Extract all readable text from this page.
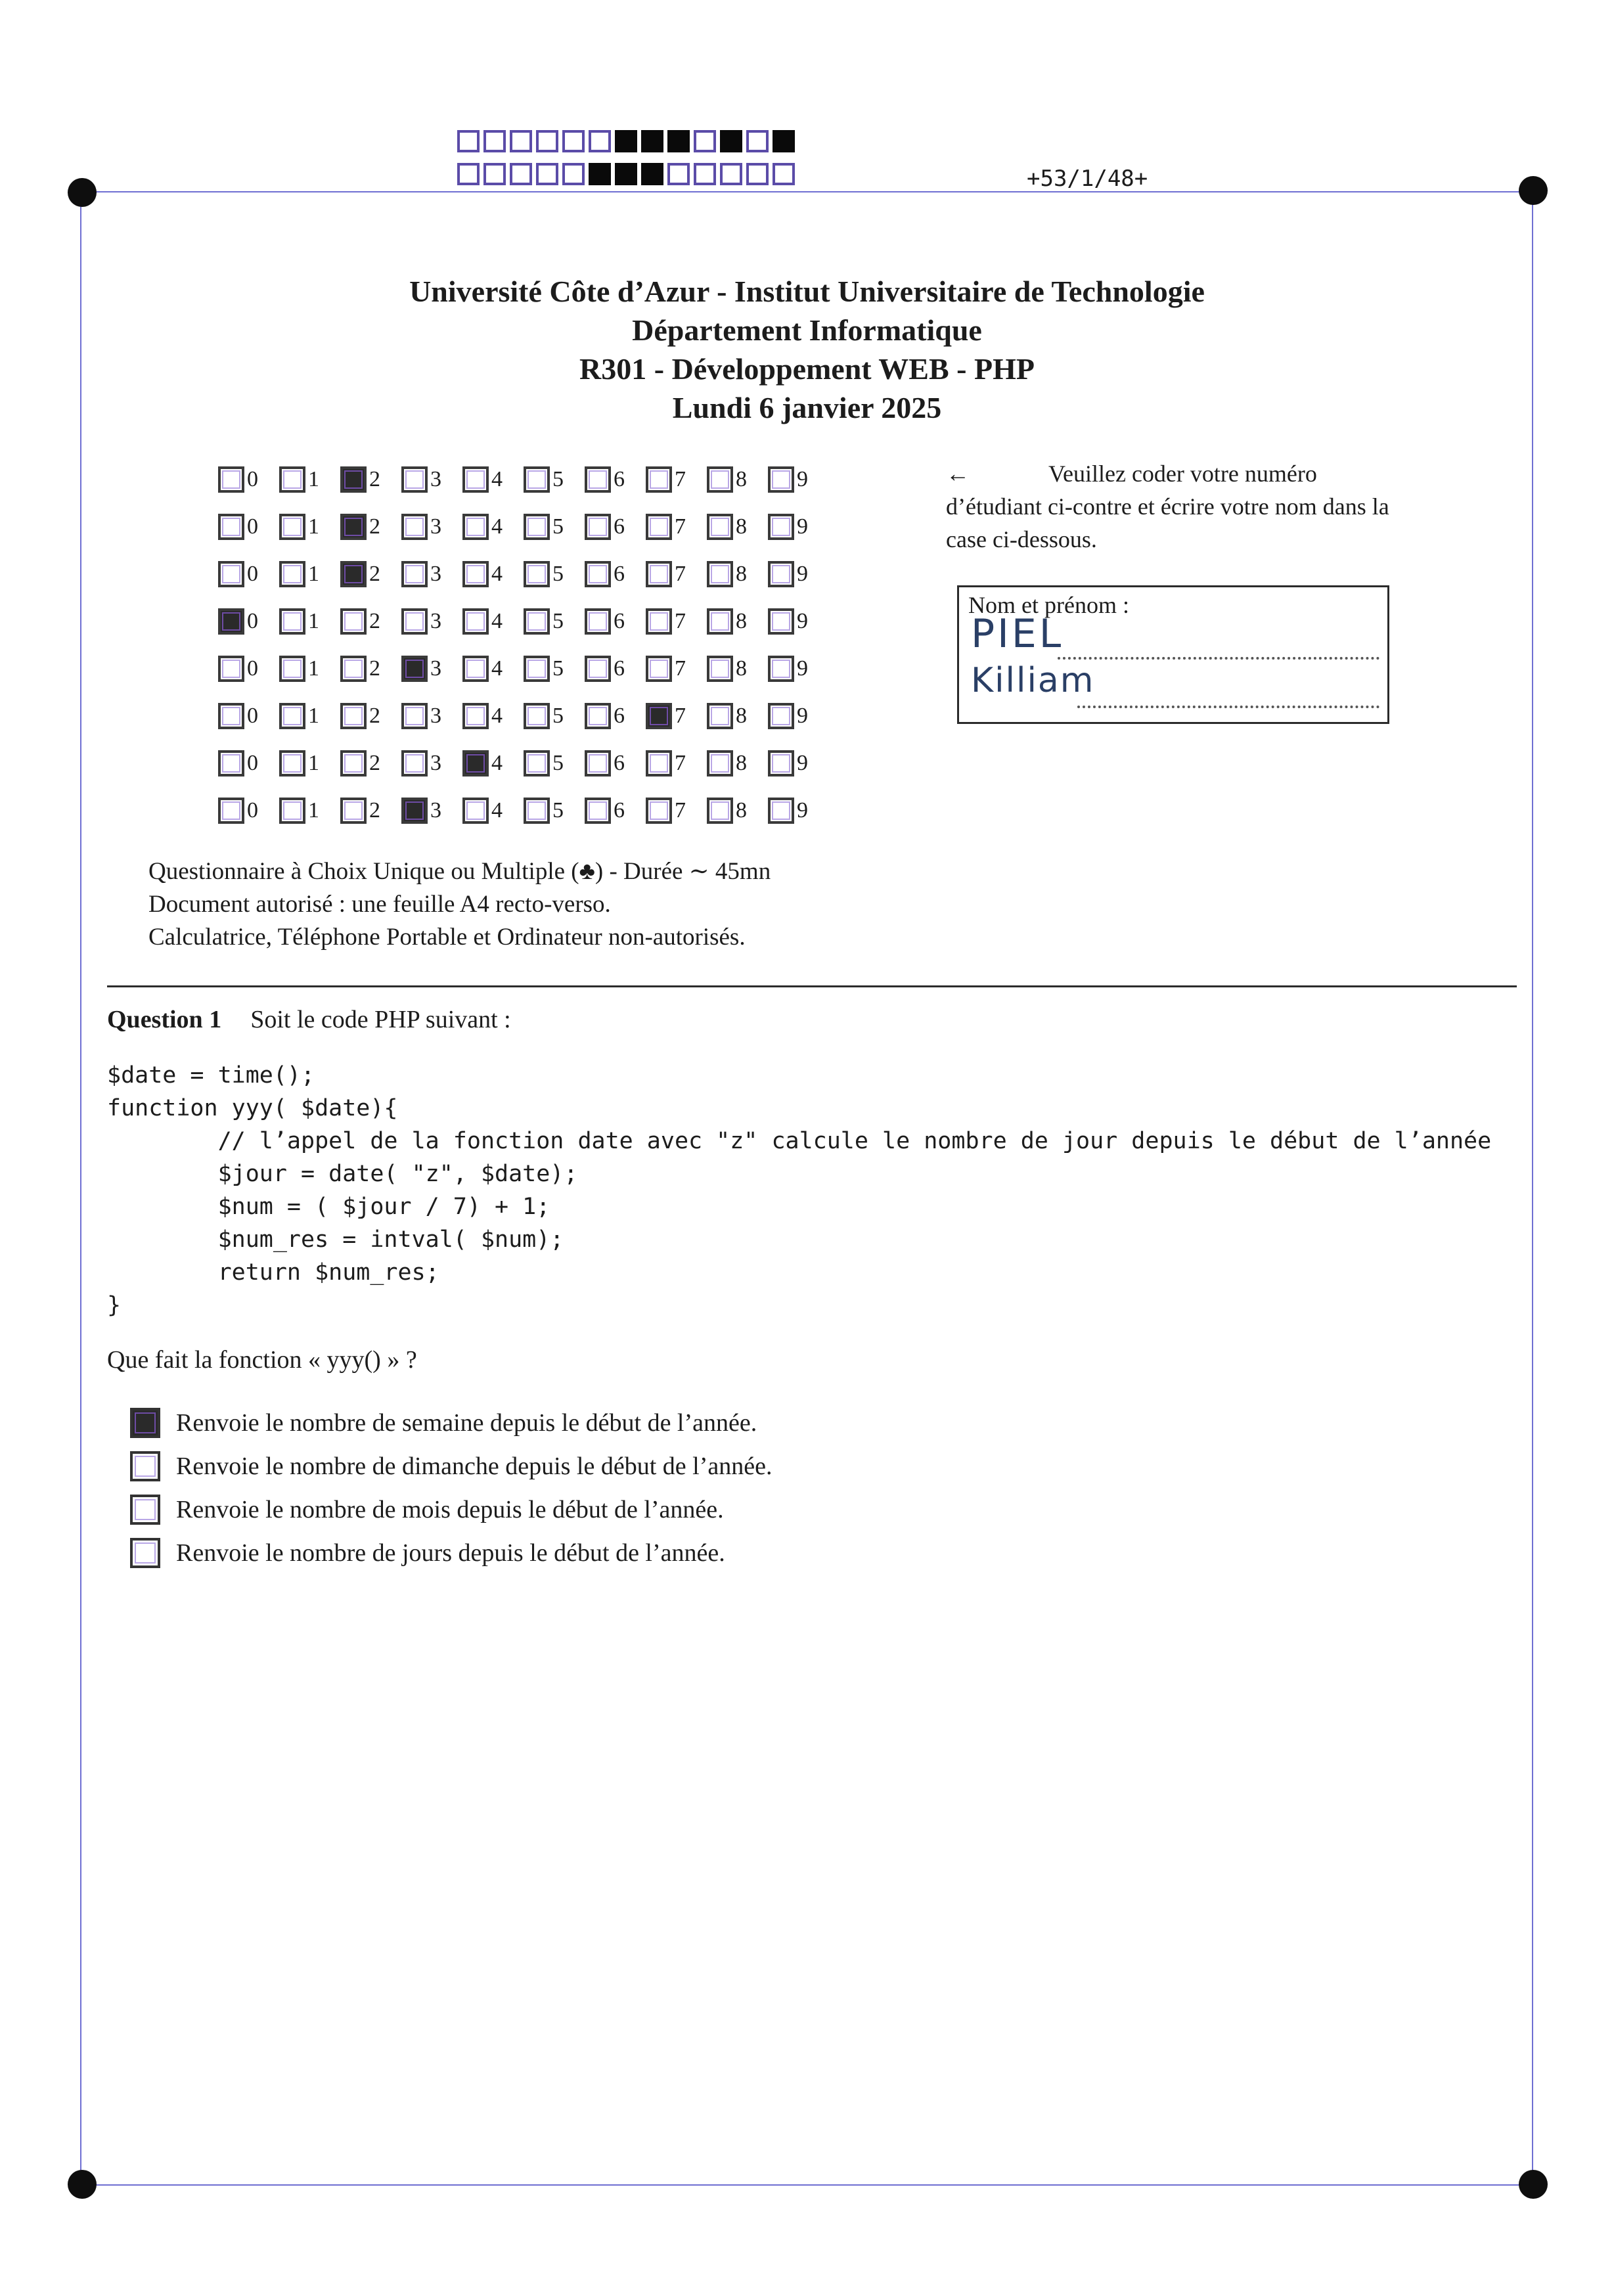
+53/1/48+
Université Côte d’Azur - Institut Universitaire de Technologie
Département Informatique
R301 - Développement WEB - PHP
Lundi 6 janvier 2025
0 1 2 3 4 5 6 7 8 9
0 1 2 3 4 5 6 7 8 9
0 1 2 3 4 5 6 7 8 9
0 1 2 3 4 5 6 7 8 9
0 1 2 3 4 5 6 7 8 9
0 1 2 3 4 5 6 7 8 9
0 1 2 3 4 5 6 7 8 9
0 1 2 3 4 5 6 7 8 9
←	Veuillez coder votre numéro d’étudiant ci-contre et écrire votre nom dans la case ci-dessous.
Nom et prénom :
PIEL
Killiam
Questionnaire à Choix Unique ou Multiple (♣) - Durée ∼ 45mn
Document autorisé : une feuille A4 recto-verso.
Calculatrice, Téléphone Portable et Ordinateur non-autorisés.
Question 1 Soit le code PHP suivant :
$date = time();
function yyy( $date){
// l’appel de la fonction date avec "z" calcule le nombre de jour depuis le début de l’année
$jour = date( "z", $date);
$num = ( $jour / 7) + 1;
$num_res = intval( $num);
return $num_res;
}
Que fait la fonction « yyy() » ?
Renvoie le nombre de semaine depuis le début de l’année.
Renvoie le nombre de dimanche depuis le début de l’année.
Renvoie le nombre de mois depuis le début de l’année.
Renvoie le nombre de jours depuis le début de l’année.
